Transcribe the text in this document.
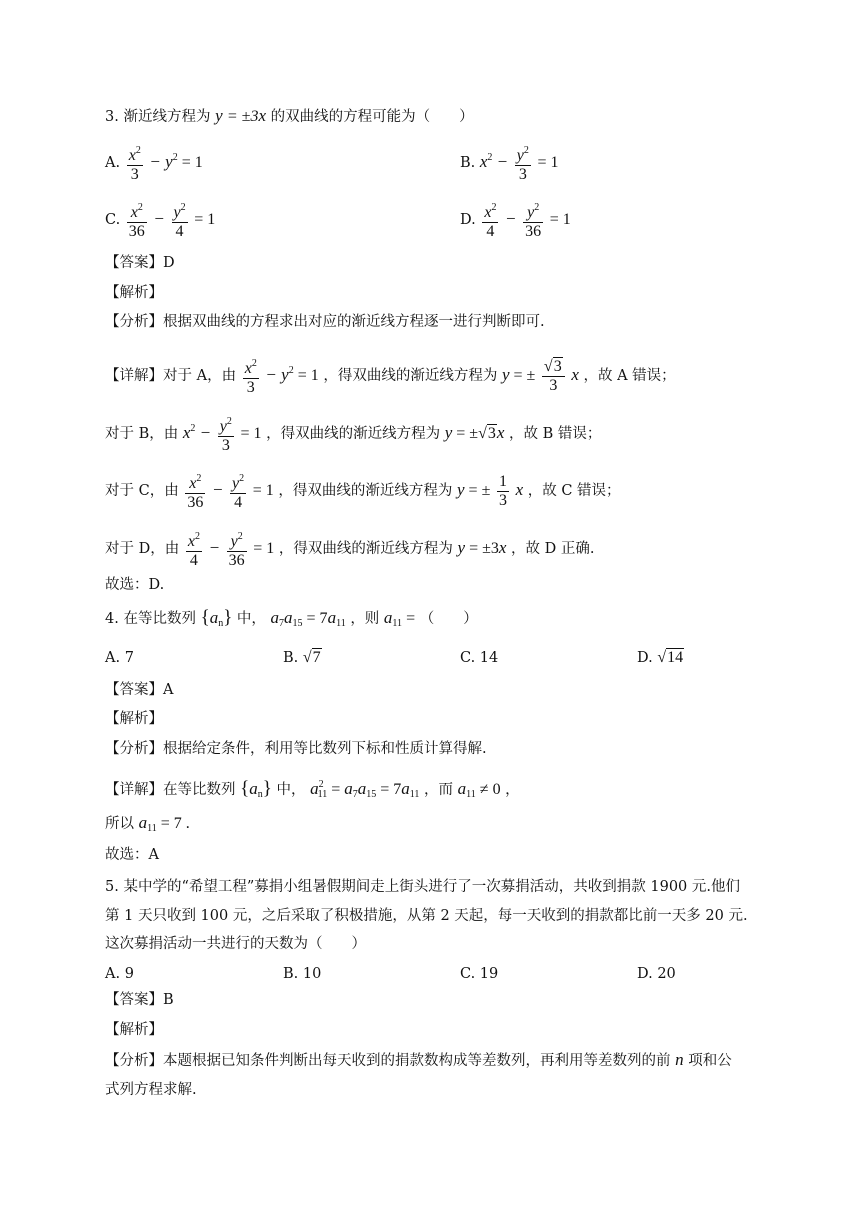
3. 渐近线方程为 y = ±3x 的双曲线的方程可能为（　　）
A. $\frac{x^2}{3} - y^2 = 1$	B. $x^2 - \frac{y^2}{3} = 1$
C. $\frac{x^2}{36} - \frac{y^2}{4} = 1$	D. $\frac{x^2}{4} - \frac{y^2}{36} = 1$
【答案】D
【解析】
【分析】根据双曲线的方程求出对应的渐近线方程逐一进行判断即可.
【详解】对于 A，由 $\frac{x^2}{3} - y^2 = 1$ ，得双曲线的渐近线方程为 y = ± $\frac{√3}{3}$ x ，故 A 错误；
对于 B，由 $x^2 - \frac{y^2}{3} = 1$ ，得双曲线的渐近线方程为 y = ±√3x ，故 B 错误；
对于 C，由 $\frac{x^2}{36} - \frac{y^2}{4} = 1$ ，得双曲线的渐近线方程为 y = ± $\frac{1}{3}$ x ，故 C 错误；
对于 D，由 $\frac{x^2}{4} - \frac{y^2}{36} = 1$ ，得双曲线的渐近线方程为 y = ±3x ，故 D 正确.
故选：D.
4. 在等比数列 $\{a_n\}$ 中， $a_7a_{15} = 7a_{11}$ ，则 $a_{11}$ = （　　）
A. 7	B. √7	C. 14	D. √14
【答案】A
【解析】
【分析】根据给定条件，利用等比数列下标和性质计算得解.
【详解】在等比数列 $\{a_n\}$ 中， $a^2_{11} = a_7a_{15} = 7a_{11}$ ，而 $a_{11} \ne 0$ ，
所以 $a_{11} = 7$ .
故选：A
5. 某中学的“希望工程”募捐小组暑假期间走上街头进行了一次募捐活动，共收到捐款 1900 元.他们
第 1 天只收到 100 元，之后采取了积极措施，从第 2 天起，每一天收到的捐款都比前一天多 20 元.
这次募捐活动一共进行的天数为（　　）
A. 9	B. 10	C. 19	D. 20
【答案】B
【解析】
【分析】本题根据已知条件判断出每天收到的捐款数构成等差数列，再利用等差数列的前 n 项和公
式列方程求解.
